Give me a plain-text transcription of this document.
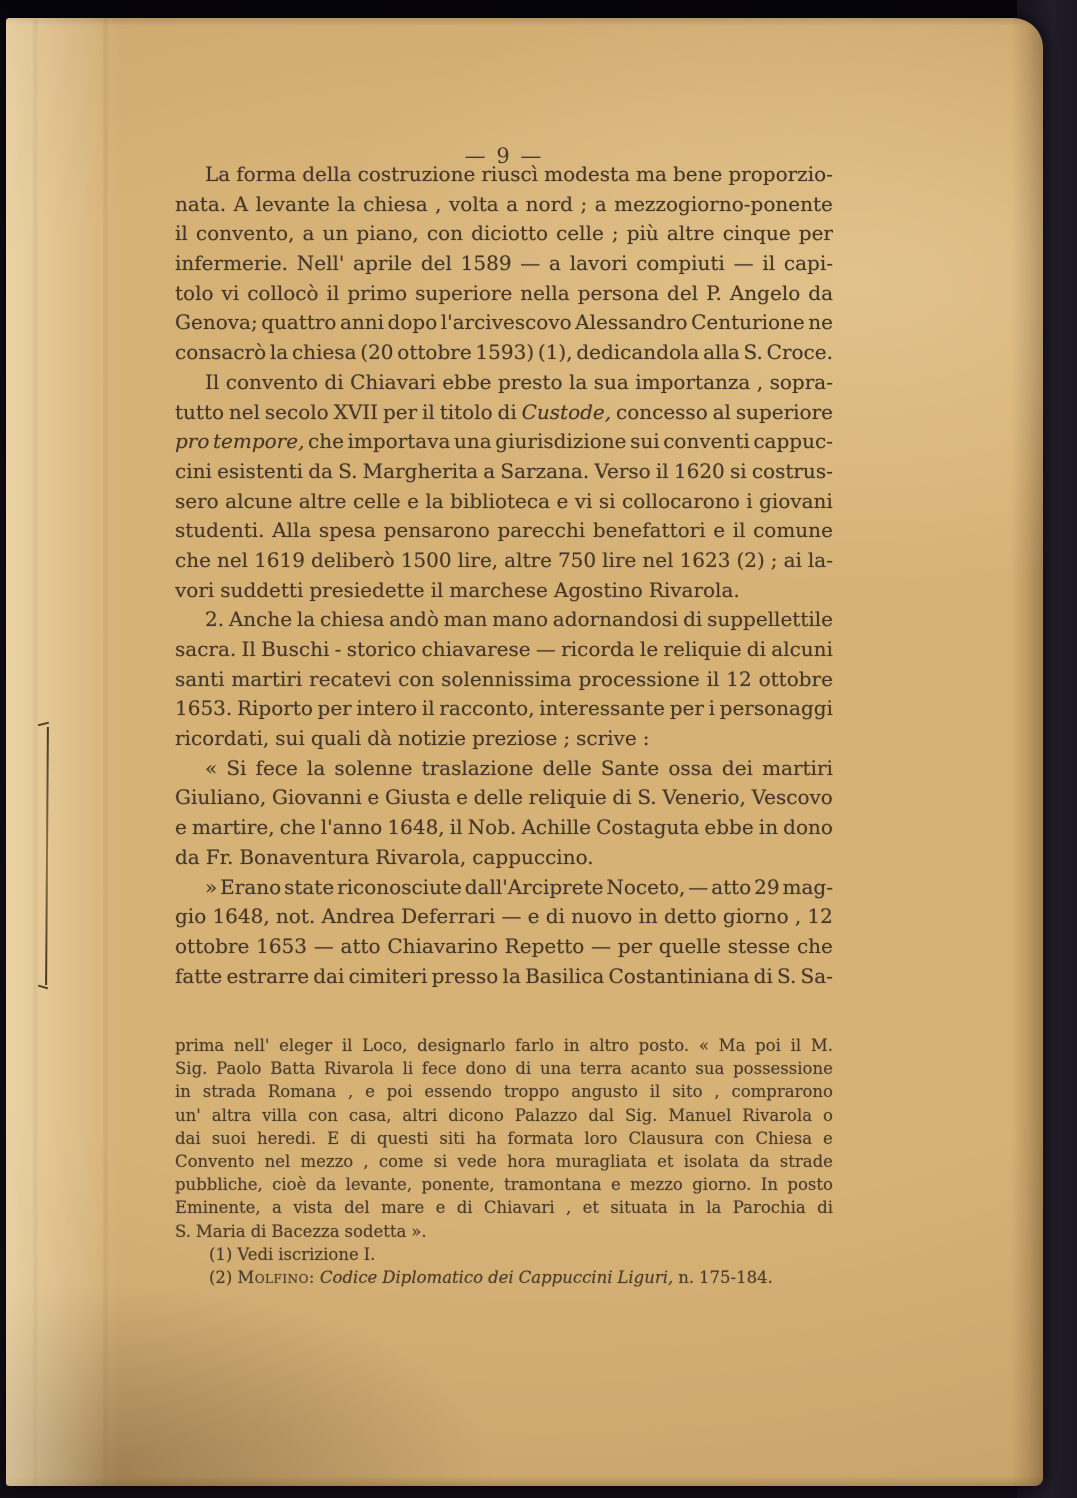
— 9 —
La forma della costruzione riuscì modesta ma bene proporzio-
nata. A levante la chiesa , volta a nord ; a mezzogiorno-ponente
il convento, a un piano, con diciotto celle ; più altre cinque per
infermerie. Nell' aprile del 1589 — a lavori compiuti — il capi-
tolo vi collocò il primo superiore nella persona del P. Angelo da
Genova; quattro anni dopo l'arcivescovo Alessandro Centurione ne
consacrò la chiesa (20 ottobre 1593) (1), dedicandola alla S. Croce.
Il convento di Chiavari ebbe presto la sua importanza , sopra-
tutto nel secolo XVII per il titolo di Custode, concesso al superiore
pro tempore, che importava una giurisdizione sui conventi cappuc-
cini esistenti da S. Margherita a Sarzana. Verso il 1620 si costrus-
sero alcune altre celle e la biblioteca e vi si collocarono i giovani
studenti. Alla spesa pensarono parecchi benefattori e il comune
che nel 1619 deliberò 1500 lire, altre 750 lire nel 1623 (2) ; ai la-
vori suddetti presiedette il marchese Agostino Rivarola.
2. Anche la chiesa andò man mano adornandosi di suppellettile
sacra. Il Buschi - storico chiavarese — ricorda le reliquie di alcuni
santi martiri recatevi con solennissima processione il 12 ottobre
1653. Riporto per intero il racconto, interessante per i personaggi
ricordati, sui quali dà notizie preziose ; scrive :
« Si fece la solenne traslazione delle Sante ossa dei martiri
Giuliano, Giovanni e Giusta e delle reliquie di S. Venerio, Vescovo
e martire, che l'anno 1648, il Nob. Achille Costaguta ebbe in dono
da Fr. Bonaventura Rivarola, cappuccino.
» Erano state riconosciute dall'Arciprete Noceto, — atto 29 mag-
gio 1648, not. Andrea Deferrari — e di nuovo in detto giorno , 12
ottobre 1653 — atto Chiavarino Repetto — per quelle stesse che
fatte estrarre dai cimiteri presso la Basilica Costantiniana di S. Sa-
prima nell' eleger il Loco, designarlo farlo in altro posto. « Ma poi il M.
Sig. Paolo Batta Rivarola li fece dono di una terra acanto sua possessione
in strada Romana , e poi essendo troppo angusto il sito , comprarono
un' altra villa con casa, altri dicono Palazzo dal Sig. Manuel Rivarola o
dai suoi heredi. E di questi siti ha formata loro Clausura con Chiesa e
Convento nel mezzo , come si vede hora muragliata et isolata da strade
pubbliche, cioè da levante, ponente, tramontana e mezzo giorno. In posto
Eminente, a vista del mare e di Chiavari , et situata in la Parochia di
S. Maria di Bacezza sodetta ».
(1) Vedi iscrizione I.
(2) Molfino: Codice Diplomatico dei Cappuccini Liguri, n. 175-184.
